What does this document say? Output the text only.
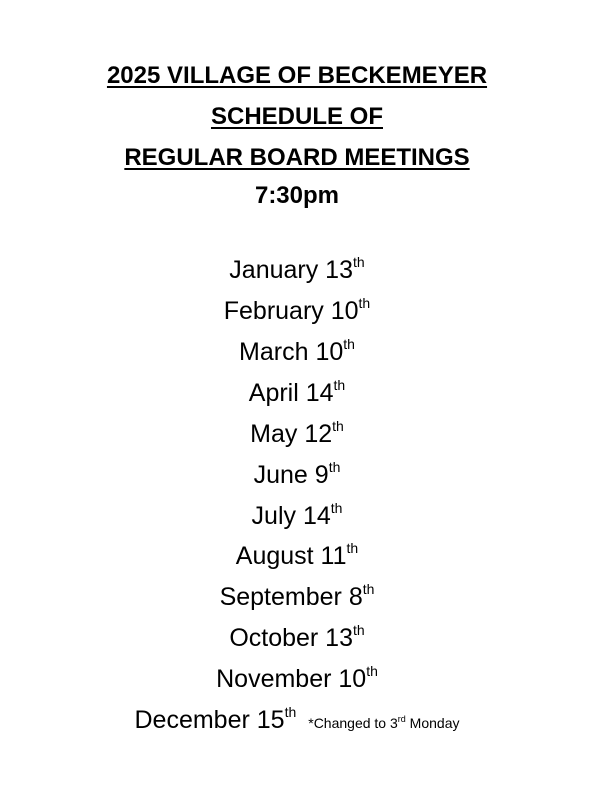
2025 VILLAGE OF BECKEMEYER
SCHEDULE OF
REGULAR BOARD MEETINGS
7:30pm
January 13th
February 10th
March 10th
April 14th
May 12th
June 9th
July 14th
August 11th
September 8th
October 13th
November 10th
December 15th*Changed to 3rd Monday
